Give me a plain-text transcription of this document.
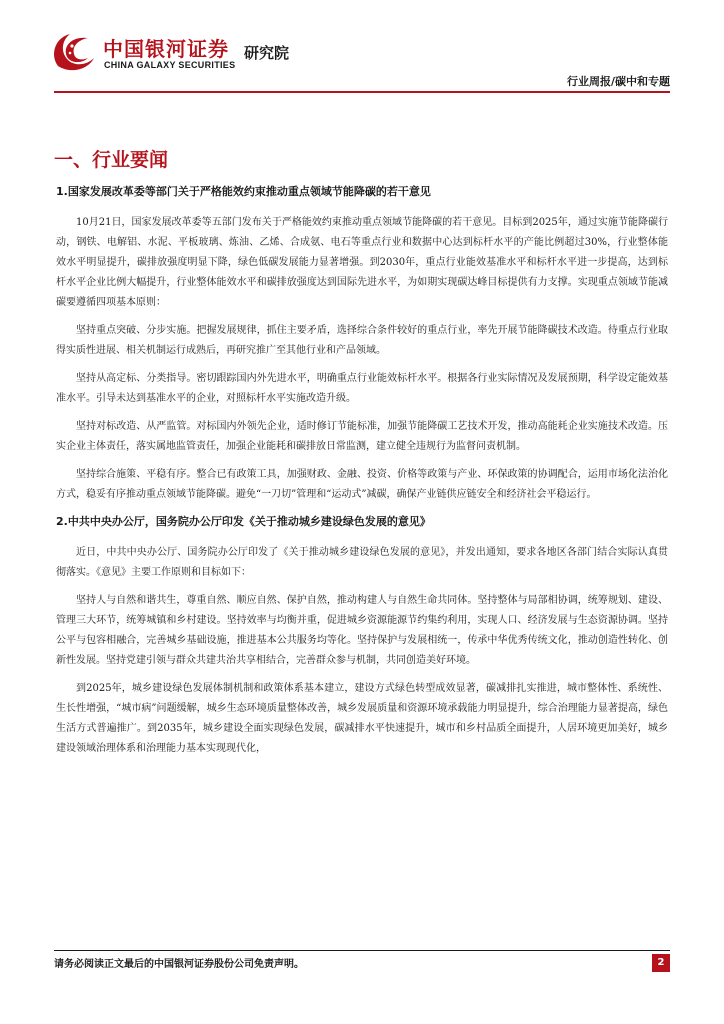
中国银河证券
CHINA GALAXY SECURITIES
研究院
行业周报/碳中和专题
一、行业要闻
1.国家发展改革委等部门关于严格能效约束推动重点领域节能降碳的若干意见

10月21日，国家发展改革委等五部门发布关于严格能效约束推动重点领域节能降碳的若干意见。目标到2025年，通过实施节能降碳行动，钢铁、电解铝、水泥、平板玻璃、炼油、乙烯、合成氨、电石等重点行业和数据中心达到标杆水平的产能比例超过30%，行业整体能效水平明显提升，碳排放强度明显下降，绿色低碳发展能力显著增强。到2030年，重点行业能效基准水平和标杆水平进一步提高，达到标杆水平企业比例大幅提升，行业整体能效水平和碳排放强度达到国际先进水平，为如期实现碳达峰目标提供有力支撑。实现重点领域节能减碳要遵循四项基本原则：

坚持重点突破、分步实施。把握发展规律，抓住主要矛盾，选择综合条件较好的重点行业，率先开展节能降碳技术改造。待重点行业取得实质性进展、相关机制运行成熟后，再研究推广至其他行业和产品领域。

坚持从高定标、分类指导。密切跟踪国内外先进水平，明确重点行业能效标杆水平。根据各行业实际情况及发展预期，科学设定能效基准水平。引导未达到基准水平的企业，对照标杆水平实施改造升级。

坚持对标改造、从严监管。对标国内外领先企业，适时修订节能标准，加强节能降碳工艺技术开发，推动高能耗企业实施技术改造。压实企业主体责任，落实属地监管责任，加强企业能耗和碳排放日常监测，建立健全违规行为监督问责机制。

坚持综合施策、平稳有序。整合已有政策工具，加强财政、金融、投资、价格等政策与产业、环保政策的协调配合，运用市场化法治化方式，稳妥有序推动重点领域节能降碳。避免“一刀切”管理和“运动式”减碳，确保产业链供应链安全和经济社会平稳运行。

2.中共中央办公厅，国务院办公厅印发《关于推动城乡建设绿色发展的意见》

近日，中共中央办公厅、国务院办公厅印发了《关于推动城乡建设绿色发展的意见》，并发出通知，要求各地区各部门结合实际认真贯彻落实。《意见》主要工作原则和目标如下：

坚持人与自然和谐共生，尊重自然、顺应自然、保护自然，推动构建人与自然生命共同体。坚持整体与局部相协调，统筹规划、建设、管理三大环节，统筹城镇和乡村建设。坚持效率与均衡并重，促进城乡资源能源节约集约利用，实现人口、经济发展与生态资源协调。坚持公平与包容相融合，完善城乡基础设施，推进基本公共服务均等化。坚持保护与发展相统一，传承中华优秀传统文化，推动创造性转化、创新性发展。坚持党建引领与群众共建共治共享相结合，完善群众参与机制，共同创造美好环境。

到2025年，城乡建设绿色发展体制机制和政策体系基本建立，建设方式绿色转型成效显著，碳减排扎实推进，城市整体性、系统性、生长性增强，“城市病”问题缓解，城乡生态环境质量整体改善，城乡发展质量和资源环境承载能力明显提升，综合治理能力显著提高，绿色生活方式普遍推广。到2035年，城乡建设全面实现绿色发展，碳减排水平快速提升，城市和乡村品质全面提升，人居环境更加美好，城乡建设领域治理体系和治理能力基本实现现代化，

请务必阅读正文最后的中国银河证券股份公司免责声明。	2
